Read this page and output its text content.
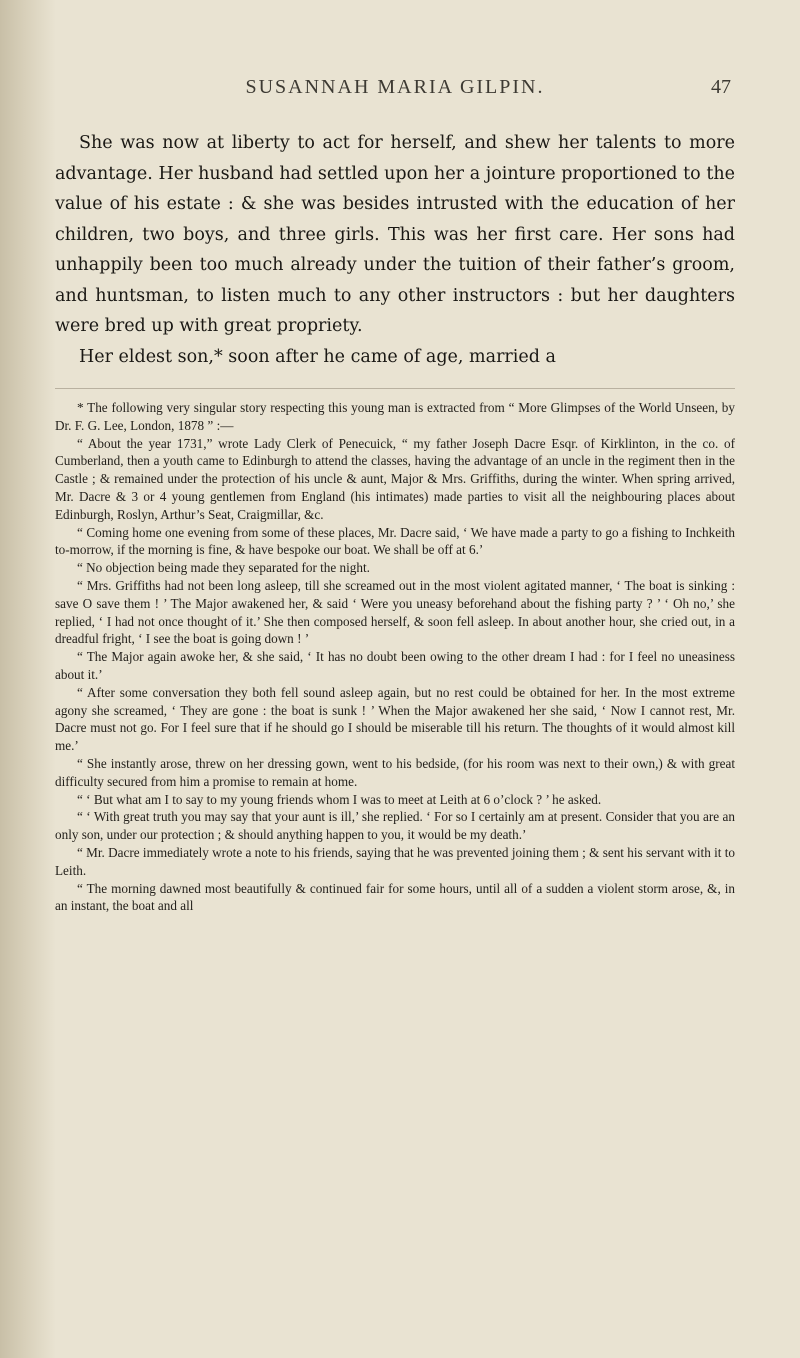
SUSANNAH MARIA GILPIN.	47

She was now at liberty to act for herself, and shew her talents to more advantage. Her husband had settled upon her a jointure proportioned to the value of his estate : & she was besides intrusted with the education of her children, two boys, and three girls. This was her first care. Her sons had unhappily been too much already under the tuition of their father’s groom, and huntsman, to listen much to any other instructors : but her daughters were bred up with great propriety.

Her eldest son,* soon after he came of age, married a

* The following very singular story respecting this young man is extracted from “ More Glimpses of the World Unseen, by Dr. F. G. Lee, London, 1878 ” :—

“ About the year 1731,” wrote Lady Clerk of Penecuick, “ my father Joseph Dacre Esqr. of Kirklinton, in the co. of Cumberland, then a youth came to Edinburgh to attend the classes, having the advantage of an uncle in the regiment then in the Castle ; & remained under the protection of his uncle & aunt, Major & Mrs. Griffiths, during the winter. When spring arrived, Mr. Dacre & 3 or 4 young gentlemen from England (his intimates) made parties to visit all the neighbouring places about Edinburgh, Roslyn, Arthur’s Seat, Craigmillar, &c.

“ Coming home one evening from some of these places, Mr. Dacre said, ‘ We have made a party to go a fishing to Inchkeith to-morrow, if the morning is fine, & have bespoke our boat. We shall be off at 6.’

“ No objection being made they separated for the night.

“ Mrs. Griffiths had not been long asleep, till she screamed out in the most violent agitated manner, ‘ The boat is sinking : save O save them ! ’ The Major awakened her, & said ‘ Were you uneasy beforehand about the fishing party ? ’ ‘ Oh no,’ she replied, ‘ I had not once thought of it.’ She then composed herself, & soon fell asleep. In about another hour, she cried out, in a dreadful fright, ‘ I see the boat is going down ! ’

“ The Major again awoke her, & she said, ‘ It has no doubt been owing to the other dream I had : for I feel no uneasiness about it.’

“ After some conversation they both fell sound asleep again, but no rest could be obtained for her. In the most extreme agony she screamed, ‘ They are gone : the boat is sunk ! ’ When the Major awakened her she said, ‘ Now I cannot rest, Mr. Dacre must not go. For I feel sure that if he should go I should be miserable till his return. The thoughts of it would almost kill me.’

“ She instantly arose, threw on her dressing gown, went to his bedside, (for his room was next to their own,) & with great difficulty secured from him a promise to remain at home.

“ ‘ But what am I to say to my young friends whom I was to meet at Leith at 6 o’clock ? ’ he asked.

“ ‘ With great truth you may say that your aunt is ill,’ she replied. ‘ For so I certainly am at present. Consider that you are an only son, under our protection ; & should anything happen to you, it would be my death.’

“ Mr. Dacre immediately wrote a note to his friends, saying that he was prevented joining them ; & sent his servant with it to Leith.

“ The morning dawned most beautifully & continued fair for some hours, until all of a sudden a violent storm arose, &, in an instant, the boat and all
